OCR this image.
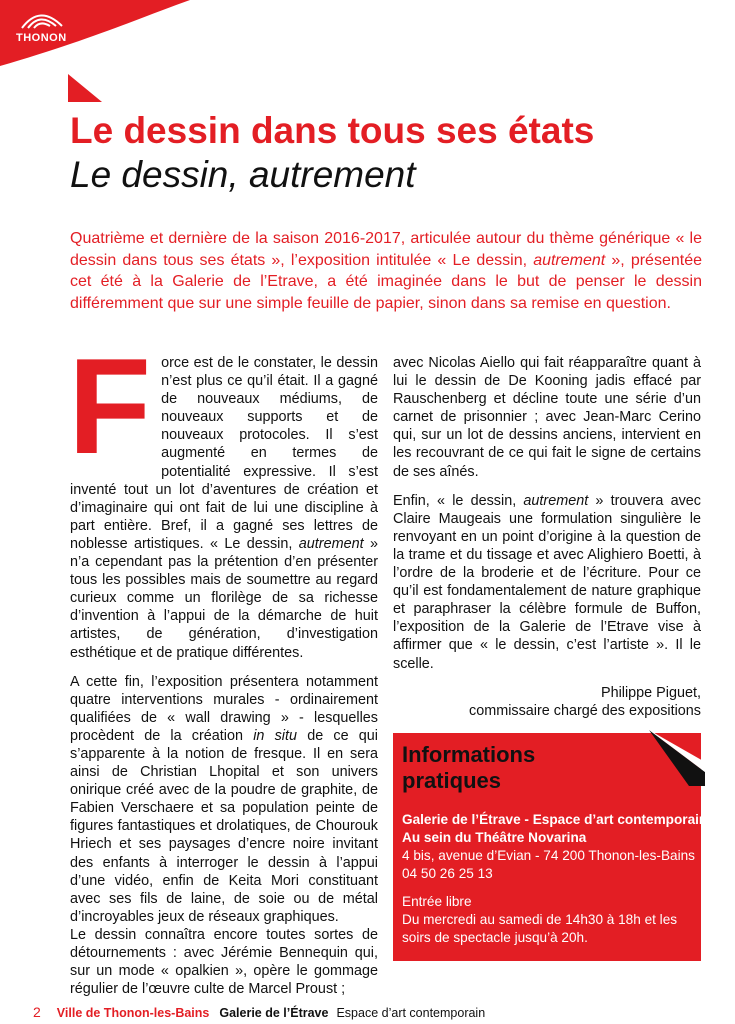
THONON
Le dessin dans tous ses états
Le dessin, autrement

Quatrième et dernière de la saison 2016-2017, articulée autour du thème générique « le dessin dans tous ses états », l’exposition intitulée « Le dessin, autrement », présentée cet été à la Galerie de l’Etrave, a été imaginée dans le but de penser le dessin différemment que sur une simple feuille de papier, sinon dans sa remise en question.

Force est de le constater, le dessin n’est plus ce qu’il était. Il a gagné de nouveaux médiums, de nouveaux supports et de nouveaux protocoles. Il s’est augmenté en termes de potentialité expressive. Il s’est inventé tout un lot d’aventures de création et d’imaginaire qui ont fait de lui une discipline à part entière. Bref, il a gagné ses lettres de noblesse artistiques. « Le dessin, autrement » n’a cependant pas la prétention d’en présenter tous les possibles mais de soumettre au regard curieux comme un florilège de sa richesse d’invention à l’appui de la démarche de huit artistes, de génération, d’investigation esthétique et de pratique différentes.

A cette fin, l’exposition présentera notamment quatre interventions murales - ordinairement qualifiées de « wall drawing » - lesquelles procèdent de la création in situ de ce qui s’apparente à la notion de fresque. Il en sera ainsi de Christian Lhopital et son univers onirique créé avec de la poudre de graphite, de Fabien Verschaere et sa population peinte de figures fantastiques et drolatiques, de Chourouk Hriech et ses paysages d’encre noire invitant des enfants à interroger le dessin à l’appui d’une vidéo, enfin de Keita Mori constituant avec ses fils de laine, de soie ou de métal d’incroyables jeux de réseaux graphiques.

Le dessin connaîtra encore toutes sortes de détournements : avec Jérémie Bennequin qui, sur un mode « opalkien », opère le gommage régulier de l’œuvre culte de Marcel Proust ;

avec Nicolas Aiello qui fait réapparaître quant à lui le dessin de De Kooning jadis effacé par Rauschenberg et décline toute une série d’un carnet de prisonnier ; avec Jean-Marc Cerino qui, sur un lot de dessins anciens, intervient en les recouvrant de ce qui fait le signe de certains de ses aînés.

Enfin, « le dessin, autrement » trouvera avec Claire Maugeais une formulation singulière le renvoyant en un point d’origine à la question de la trame et du tissage et avec Alighiero Boetti, à l’ordre de la broderie et de l’écriture. Pour ce qu’il est fondamentalement de nature graphique et paraphraser la célèbre formule de Buffon, l’exposition de la Galerie de l’Etrave vise à affirmer que « le dessin, c’est l’artiste ». Il le scelle.

Philippe Piguet,

commissaire chargé des expositions

Informations
pratiques
Galerie de l’Étrave - Espace d’art contemporain
Au sein du Théâtre Novarina
4 bis, avenue d’Evian - 74 200 Thonon-les-Bains
04 50 26 25 13
Entrée libre
Du mercredi au samedi de 14h30 à 18h et les
soirs de spectacle jusqu’à 20h.
2 Ville de Thonon-les-Bains Galerie de l’Étrave Espace d’art contemporain
